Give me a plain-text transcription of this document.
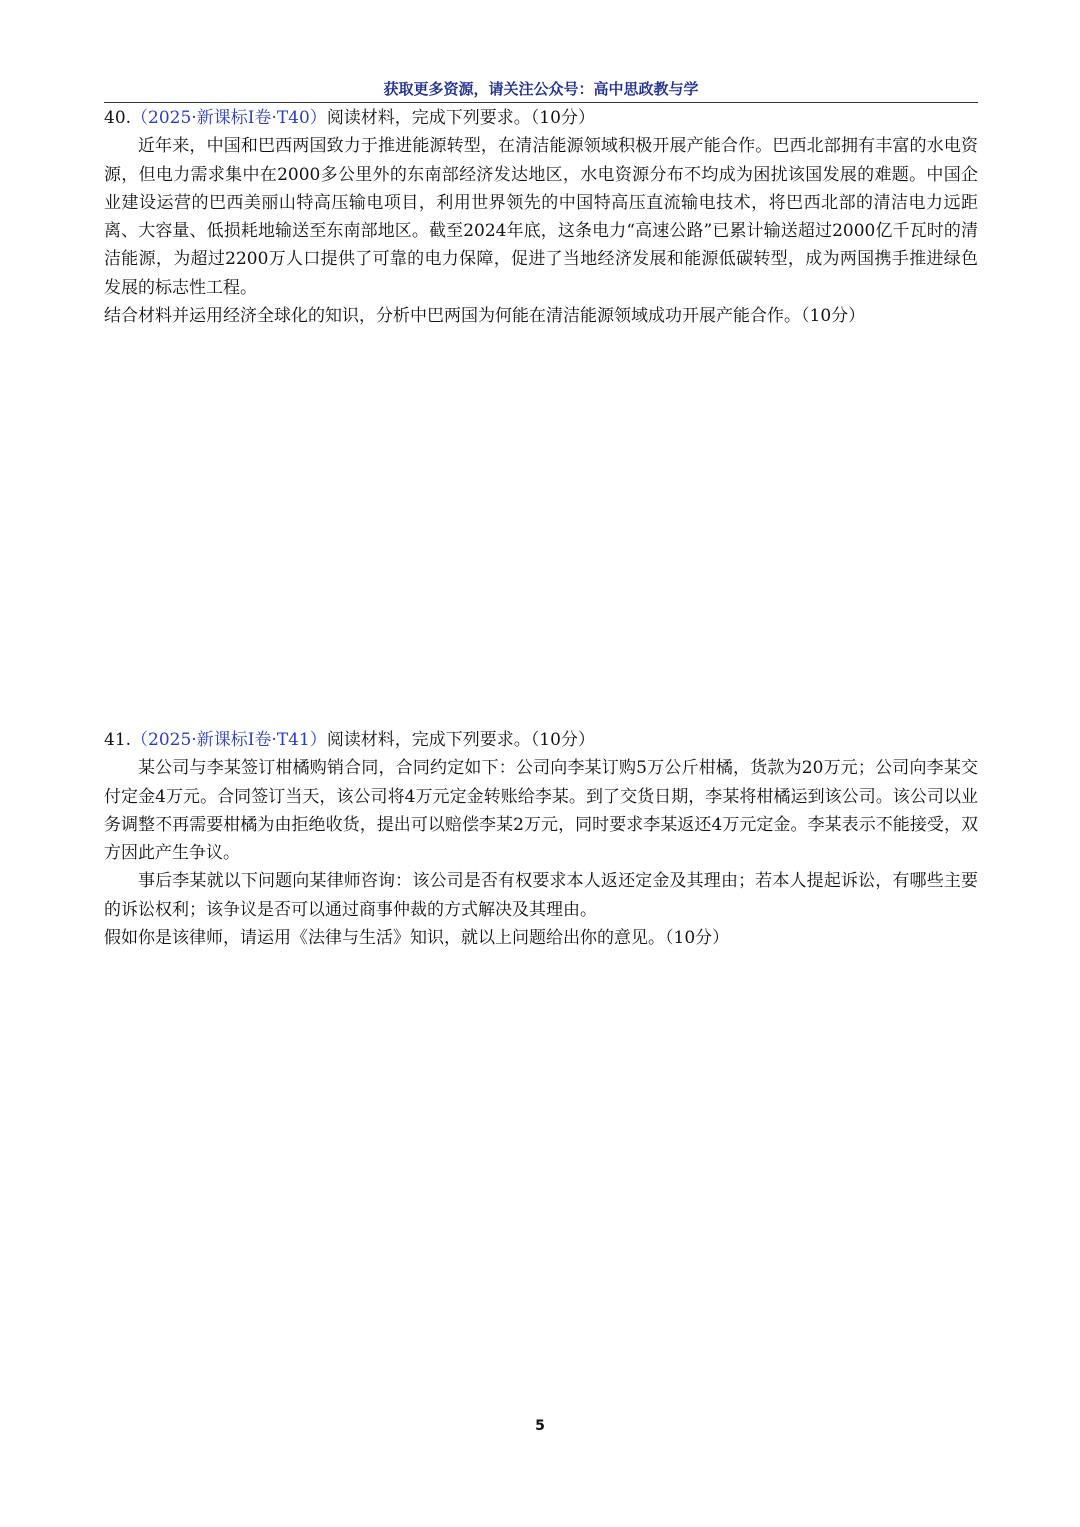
获取更多资源，请关注公众号：高中思政教与学

40.（2025·新课标Ⅰ卷·T40）阅读材料，完成下列要求。（10分）

近年来，中国和巴西两国致力于推进能源转型，在清洁能源领域积极开展产能合作。巴西北部拥有丰富的水电资源，但电力需求集中在2000多公里外的东南部经济发达地区，水电资源分布不均成为困扰该国发展的难题。中国企业建设运营的巴西美丽山特高压输电项目，利用世界领先的中国特高压直流输电技术，将巴西北部的清洁电力远距离、大容量、低损耗地输送至东南部地区。截至2024年底，这条电力“高速公路”已累计输送超过2000亿千瓦时的清洁能源，为超过2200万人口提供了可靠的电力保障，促进了当地经济发展和能源低碳转型，成为两国携手推进绿色发展的标志性工程。

结合材料并运用经济全球化的知识，分析中巴两国为何能在清洁能源领域成功开展产能合作。（10分）

41.（2025·新课标Ⅰ卷·T41）阅读材料，完成下列要求。（10分）

某公司与李某签订柑橘购销合同，合同约定如下：公司向李某订购5万公斤柑橘，货款为20万元；公司向李某交付定金4万元。合同签订当天，该公司将4万元定金转账给李某。到了交货日期，李某将柑橘运到该公司。该公司以业务调整不再需要柑橘为由拒绝收货，提出可以赔偿李某2万元，同时要求李某返还4万元定金。李某表示不能接受，双方因此产生争议。

事后李某就以下问题向某律师咨询：该公司是否有权要求本人返还定金及其理由；若本人提起诉讼，有哪些主要的诉讼权利；该争议是否可以通过商事仲裁的方式解决及其理由。

假如你是该律师，请运用《法律与生活》知识，就以上问题给出你的意见。（10分）

5
